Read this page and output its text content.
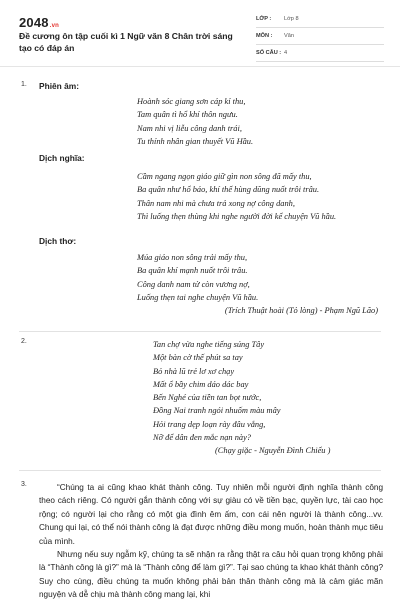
2048.vn
Đề cương ôn tập cuối kì 1 Ngữ văn 8 Chân trời sáng tạo có đáp án
LỚP : Lớp 8
MÔN : Văn
SỐ CÂU : 4
1. Phiên âm:
Hoành sóc giang sơn cáp kỉ thu,
Tam quân tì hổ khí thôn ngưu.
Nam nhi vị liễu công danh trái,
Tu thính nhân gian thuyết Vũ Hầu.
Dịch nghĩa:
Cầm ngang ngọn giáo giữ gìn non sông đã mấy thu,
Ba quân như hổ báo, khí thế hùng dũng nuốt trôi trâu.
Thân nam nhi mà chưa trả xong nợ công danh,
Thì luống thẹn thùng khi nghe người đời kể chuyện Vũ hầu.
Dịch thơ:
Múa giáo non sông trải mấy thu,
Ba quân khí mạnh nuốt trôi trâu.
Công danh nam tử còn vương nợ,
Luống thẹn tai nghe chuyện Vũ hầu.
(Trích Thuật hoài (Tỏ lòng) - Phạm Ngũ Lão)
2.	Tan chợ vừa nghe tiếng súng Tây
Một bàn cờ thế phút sa tay
Bỏ nhà lũ trẻ lơ xơ chạy
Mất ổ bầy chim dáo dác bay
Bến Nghé của tiền tan bọt nước,
Đồng Nai tranh ngói nhuốm màu mây
Hỏi trang dẹp loạn rày đâu vắng,
Nỡ để dân đen mắc nạn này?
(Chạy giặc - Nguyễn Đình Chiểu )
3.	“Chúng ta ai cũng khao khát thành công. Tuy nhiên mỗi người định nghĩa thành công theo cách riêng. Có người gắn thành công với sự giàu có về tiền bạc, quyền lực, tài cao học rộng; có người lại cho rằng có một gia đình êm ấm, con cái nên người là thành công...vv. Chung qui lại, có thể nói thành công là đạt được những điều mong muốn, hoàn thành mục tiêu của mình.

Nhưng nếu suy ngẫm kỹ, chúng ta sẽ nhận ra rằng thật ra câu hỏi quan trọng không phải là “Thành công là gì?” mà là “Thành công để làm gì?”. Tại sao chúng ta khao khát thành công? Suy cho cùng, điều chúng ta muốn không phải bản thân thành công mà là cảm giác mãn nguyện và dễ chịu mà thành công mang lại, khi
